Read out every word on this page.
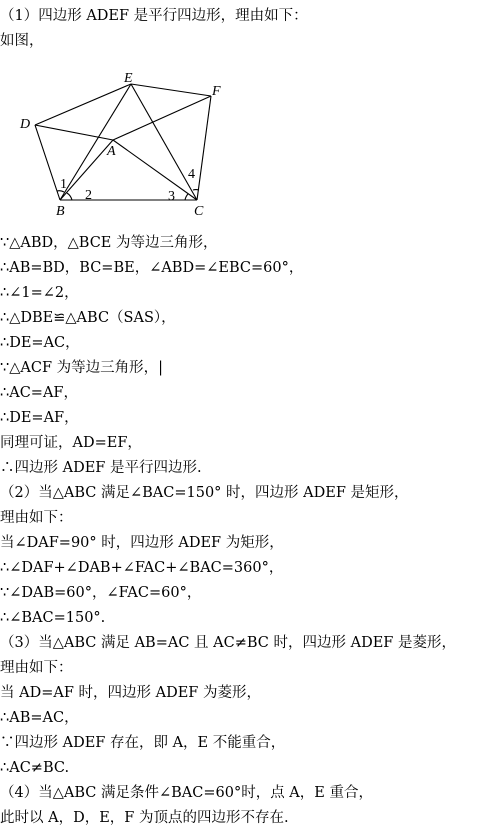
（1）四边形 ADEF 是平行四边形，理由如下：
如图，
E
F
D
A
B	C
1
2	3
4
∵△ABD，△BCE 为等边三角形，
∴AB=BD，BC=BE，∠ABD=∠EBC=60°，
∴∠1=∠2，
∴△DBE≌△ABC（SAS），
∴DE=AC，
∵△ACF 为等边三角形，|
∴AC=AF，
∴DE=AF，
同理可证，AD=EF，
∴四边形 ADEF 是平行四边形.
（2）当△ABC 满足∠BAC=150° 时，四边形 ADEF 是矩形，
理由如下：
当∠DAF=90° 时，四边形 ADEF 为矩形，
∴∠DAF+∠DAB+∠FAC+∠BAC=360°，
∵∠DAB=60°，∠FAC=60°，
∴∠BAC=150°.
（3）当△ABC 满足 AB=AC 且 AC≠BC 时，四边形 ADEF 是菱形，
理由如下：
当 AD=AF 时，四边形 ADEF 为菱形，
∴AB=AC，
∵四边形 ADEF 存在，即 A，E 不能重合，
∴AC≠BC.
（4）当△ABC 满足条件∠BAC=60°时，点 A，E 重合，
此时以 A，D，E，F 为顶点的四边形不存在.
